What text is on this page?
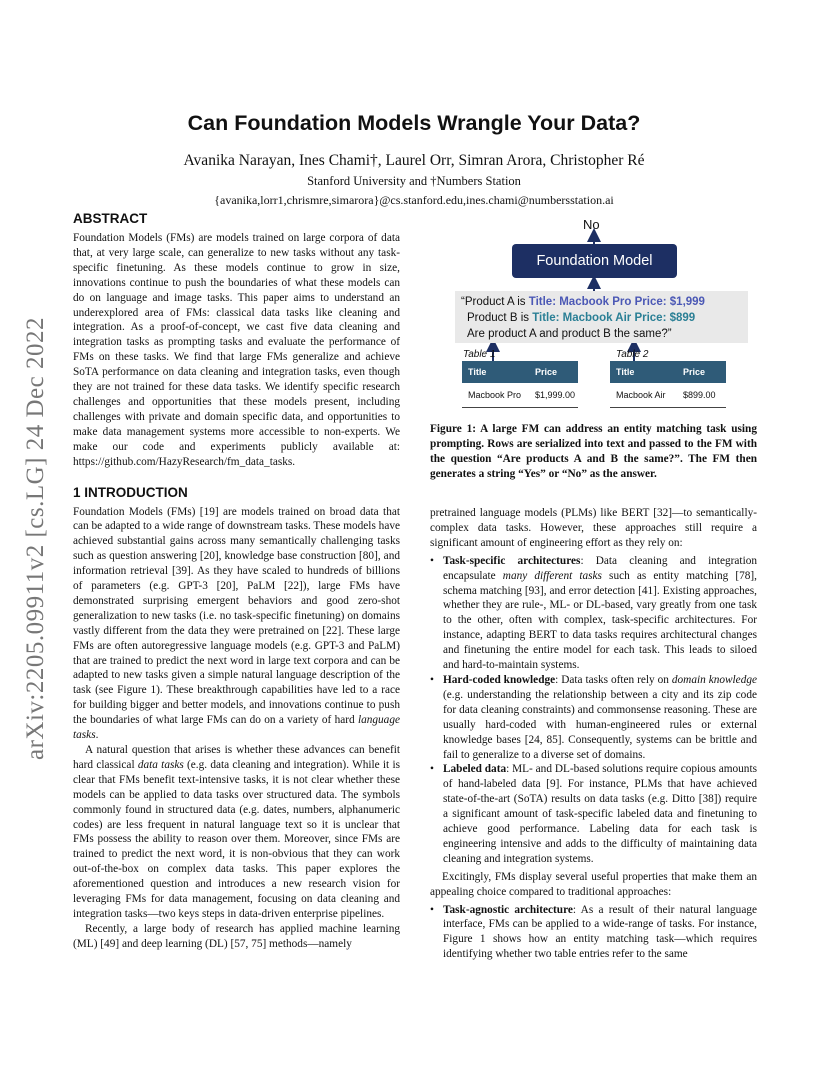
arXiv:2205.09911v2 [cs.LG] 24 Dec 2022
Can Foundation Models Wrangle Your Data?
Avanika Narayan, Ines Chami†, Laurel Orr, Simran Arora, Christopher Ré
Stanford University and †Numbers Station
{avanika,lorr1,chrismre,simarora}@cs.stanford.edu,ines.chami@numbersstation.ai
ABSTRACT

Foundation Models (FMs) are models trained on large corpora of data that, at very large scale, can generalize to new tasks without any task-specific finetuning. As these models continue to grow in size, innovations continue to push the boundaries of what these models can do on language and image tasks. This paper aims to understand an underexplored area of FMs: classical data tasks like cleaning and integration. As a proof-of-concept, we cast five data cleaning and integration tasks as prompting tasks and evaluate the performance of FMs on these tasks. We find that large FMs generalize and achieve SoTA performance on data cleaning and integration tasks, even though they are not trained for these data tasks. We identify specific research challenges and opportunities that these models present, including challenges with private and domain specific data, and opportunities to make data management systems more accessible to non-experts. We make our code and experiments publicly available at: https://github.com/HazyResearch/fm_data_tasks.

1 INTRODUCTION

Foundation Models (FMs) [19] are models trained on broad data that can be adapted to a wide range of downstream tasks. These models have achieved substantial gains across many semantically challenging tasks such as question answering [20], knowledge base construction [80], and information retrieval [39]. As they have scaled to hundreds of billions of parameters (e.g. GPT-3 [20], PaLM [22]), large FMs have demonstrated surprising emergent behaviors and good zero-shot generalization to new tasks (i.e. no task-specific finetuning) on domains vastly different from the data they were pretrained on [22]. These large FMs are often autoregressive language models (e.g. GPT-3 and PaLM) that are trained to predict the next word in large text corpora and can be adapted to new tasks given a simple natural language description of the task (see Figure 1). These breakthrough capabilities have led to a race for building bigger and better models, and innovations continue to push the boundaries of what large FMs can do on a variety of hard language tasks.

A natural question that arises is whether these advances can benefit hard classical data tasks (e.g. data cleaning and integration). While it is clear that FMs benefit text-intensive tasks, it is not clear whether these models can be applied to data tasks over structured data. The symbols commonly found in structured data (e.g. dates, numbers, alphanumeric codes) are less frequent in natural language text so it is unclear that FMs possess the ability to reason over them. Moreover, since FMs are trained to predict the next word, it is non-obvious that they can work out-of-the-box on complex data tasks. This paper explores the aforementioned question and introduces a new research vision for leveraging FMs for data management, focusing on data cleaning and integration tasks—two keys steps in data-driven enterprise pipelines.

Recently, a large body of research has applied machine learning (ML) [49] and deep learning (DL) [57, 75] methods—namely

No
Foundation Model
“Product A is Title: Macbook Pro Price: $1,999
Product B is Title: Macbook Air Price: $899
Are product A and product B the same?”
Table 1
Title	Price
Macbook Pro	$1,999.00
Table 2
Title	Price
Macbook Air	$899.00
Figure 1: A large FM can address an entity matching task using prompting. Rows are serialized into text and passed to the FM with the question “Are products A and B the same?”. The FM then generates a string “Yes” or “No” as the answer.

pretrained language models (PLMs) like BERT [32]—to semantically-complex data tasks. However, these approaches still require a significant amount of engineering effort as they rely on:

• Task-specific architectures: Data cleaning and integration encapsulate many different tasks such as entity matching [78], schema matching [93], and error detection [41]. Existing approaches, whether they are rule-, ML- or DL-based, vary greatly from one task to the other, often with complex, task-specific architectures. For instance, adapting BERT to data tasks requires architectural changes and finetuning the entire model for each task. This leads to siloed and hard-to-maintain systems.
• Hard-coded knowledge: Data tasks often rely on domain knowledge (e.g. understanding the relationship between a city and its zip code for data cleaning constraints) and commonsense reasoning. These are usually hard-coded with human-engineered rules or external knowledge bases [24, 85]. Consequently, systems can be brittle and fail to generalize to a diverse set of domains.
• Labeled data: ML- and DL-based solutions require copious amounts of hand-labeled data [9]. For instance, PLMs that have achieved state-of-the-art (SoTA) results on data tasks (e.g. Ditto [38]) require a significant amount of task-specific labeled data and finetuning to achieve good performance. Labeling data for each task is engineering intensive and adds to the difficulty of maintaining data cleaning and integration systems.

Excitingly, FMs display several useful properties that make them an appealing choice compared to traditional approaches:

• Task-agnostic architecture: As a result of their natural language interface, FMs can be applied to a wide-range of tasks. For instance, Figure 1 shows how an entity matching task—which requires identifying whether two table entries refer to the same
